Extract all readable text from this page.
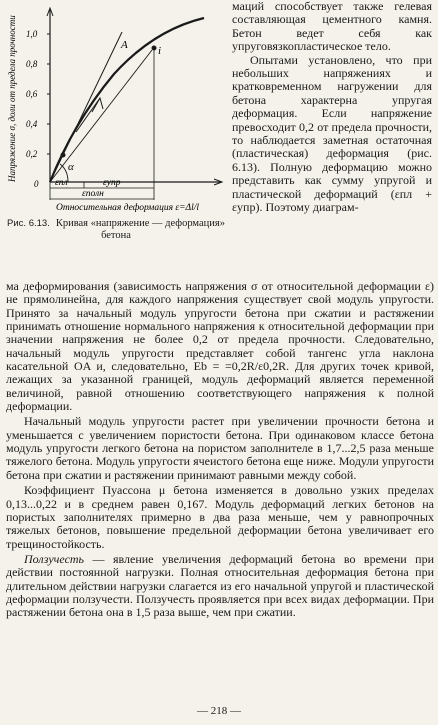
Напряжение σ, доли от предела прочности 1,0
0,8
0,6
0,4
0,2
0
A	i
α
εпл	εупр
εполн
Относительная деформация ε=Δl/l
Рис. 6.13. Кривая «напряжение — деформация» бетона

маций способствует также гелевая составляющая цементного камня. Бетон ведет себя как упруговязкопластическое тело.

Опытами установлено, что при небольших напряжениях и кратковременном нагружении для бетона характерна упругая деформация. Если напряжение превосходит 0,2 от предела прочности, то наблюдается заметная остаточная (пластическая) деформация (рис. 6.13). Полную деформацию можно представить как сумму упругой и пластической деформаций (εпл + εупр). Поэтому диаграм-

ма деформирования (зависимость напряжения σ от относительной деформации ε) не прямолинейна, для каждого напряжения существует свой модуль упругости. Принято за начальный модуль упругости бетона при сжатии и растяжении принимать отношение нормального напряжения к относительной деформации при значении напряжения не более 0,2 от предела прочности. Следовательно, начальный модуль упругости представляет собой тангенс угла наклона касательной OA и, следовательно, Eb = =0,2R/ε0,2R. Для других точек кривой, лежащих за указанной границей, модуль деформаций является переменной величиной, равной отношению соответствующего напряжения к полной деформации.

Начальный модуль упругости растет при увеличении прочности бетона и уменьшается с увеличением пористости бетона. При одинаковом классе бетона модуль упругости легкого бетона на пористом заполнителе в 1,7...2,5 раза меньше тяжелого бетона. Модуль упругости ячеистого бетона еще ниже. Модули упругости бетона при сжатии и растяжении принимают равными между собой.

Коэффициент Пуассона μ бетона изменяется в довольно узких пределах 0,13...0,22 и в среднем равен 0,167. Модуль деформаций легких бетонов на пористых заполнителях примерно в два раза меньше, чем у равнопрочных тяжелых бетонов, повышение предельной деформации бетона увеличивает его трещиностойкость.

Ползучесть — явление увеличения деформаций бетона во времени при действии постоянной нагрузки. Полная относительная деформация бетона при длительном действии нагрузки слагается из его начальной упругой и пластической деформации ползучести. Ползучесть проявляется при всех видах деформации. При растяжении бетона она в 1,5 раза выше, чем при сжатии.

— 218 —
